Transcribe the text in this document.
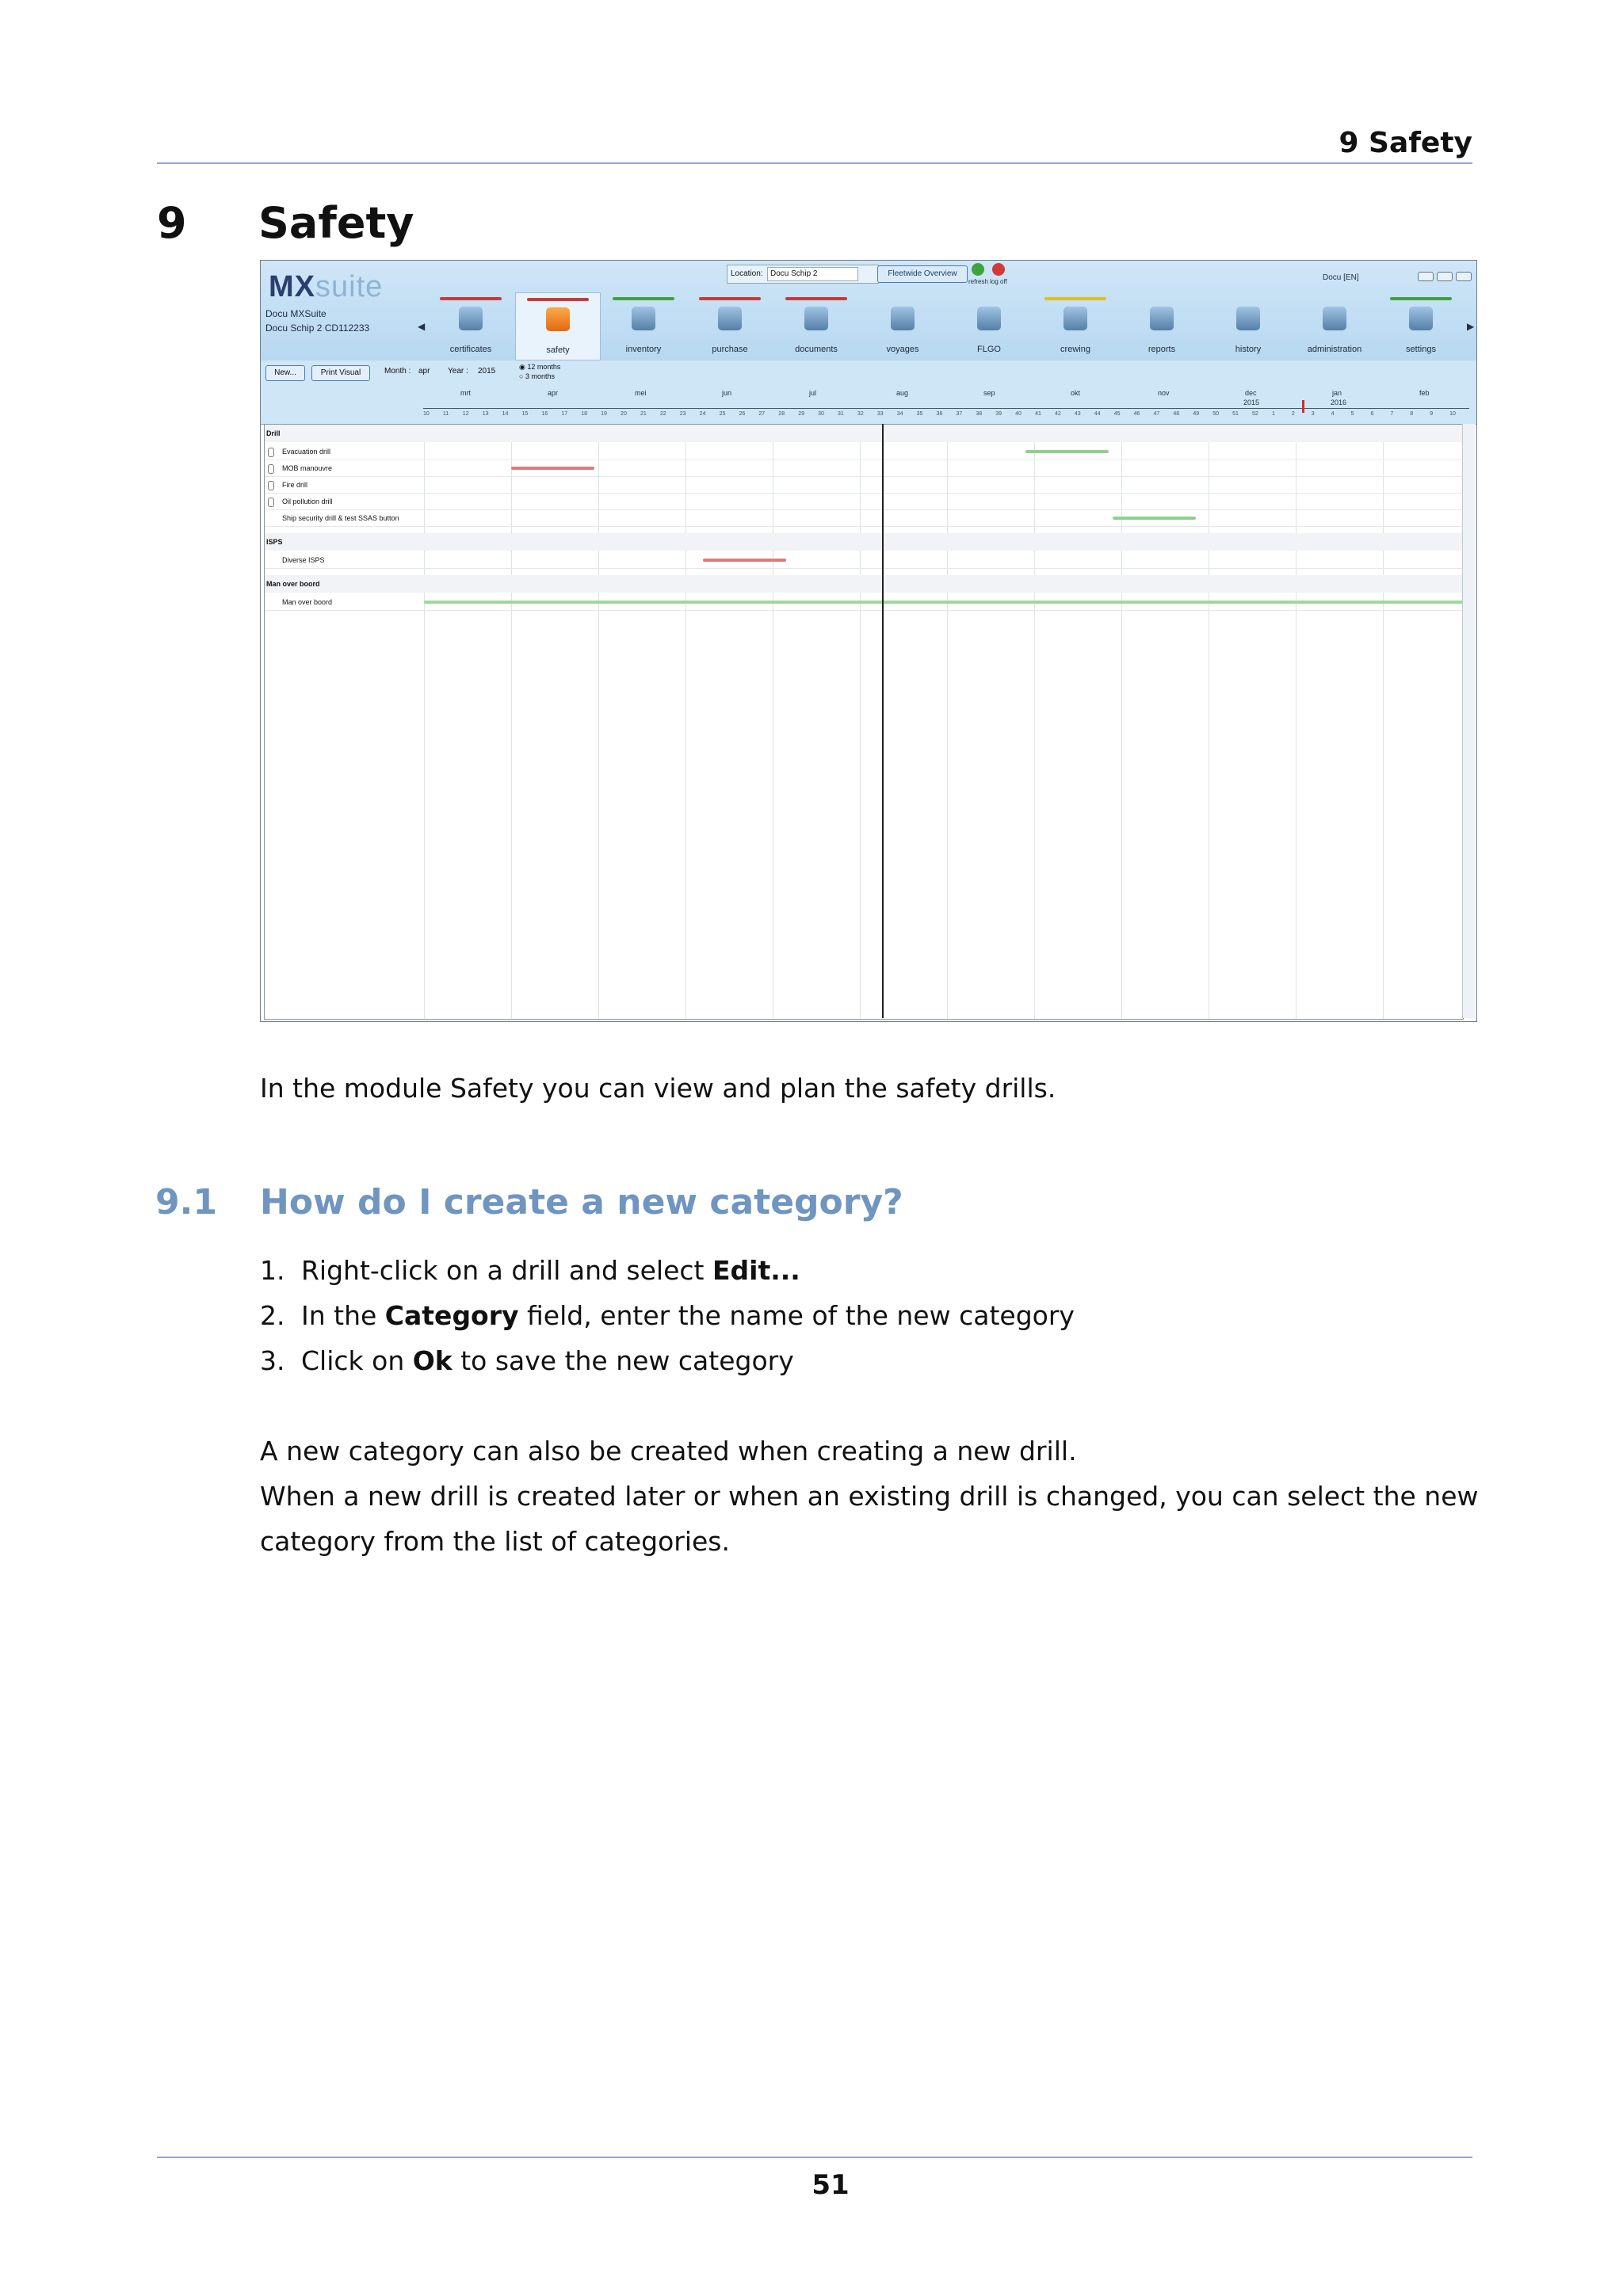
9 Safety
9 Safety
MXsuite
Docu MXSuite
Docu Schip 2 CD112233
Location: Docu Schip 2	Fleetwide Overview
refresh log off	Docu [EN]
◀	▶
certificates	safety	inventory	purchase	documents	voyages	FLGO	crewing	reports	history	administration	settings
New...	Print Visual	Month : apr Year : 2015	◉ 12 months
○ 3 months
mrt	apr	mei	jun	jul	aug	sep	okt	nov	dec	jan	feb
2015	2016
10 11	12 13 14 15 16 17 18 19 20 21 22 23 24 25 26 27 28 29 30 31 32 33 34 35 36 37 38 39 40 41 42 43 44 45 46 47 48 49 50 51 52 1	2	3	4	5	6	7	8	9	10
Drill
Evacuation drill
MOB manouvre
Fire drill
Oil pollution drill
Ship security drill & test SSAS button
ISPS
Diverse ISPS
Man over boord
Man over boord
In the module Safety you can view and plan the safety drills.
9.1 How do I create a new category?
1. Right-click on a drill and select Edit...
2. In the Category field, enter the name of the new category
3. Click on Ok to save the new category
A new category can also be created when creating a new drill.
When a new drill is created later or when an existing drill is changed, you can select the new category from the list of categories.
51
